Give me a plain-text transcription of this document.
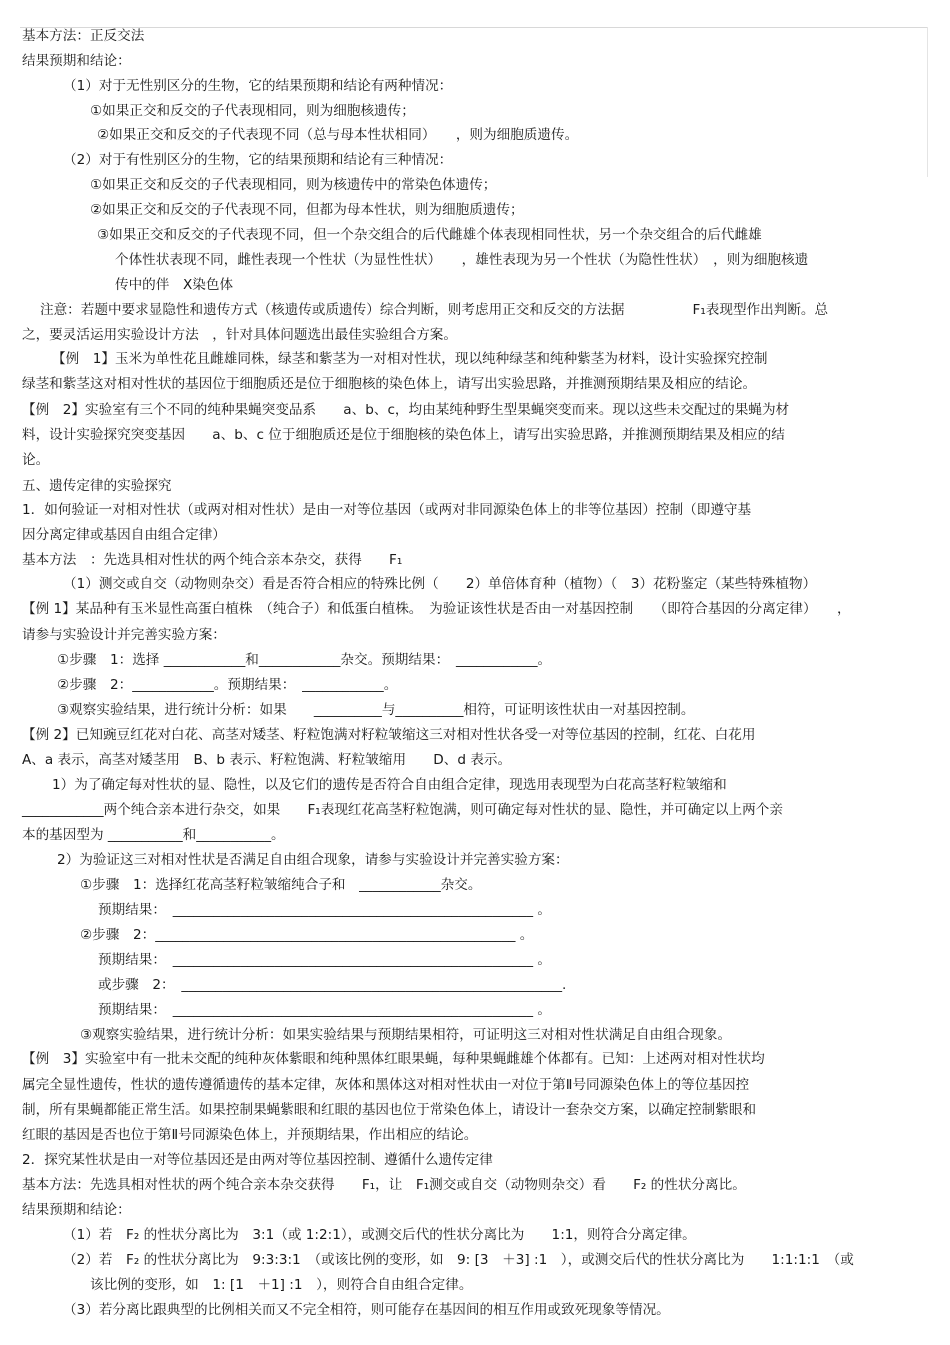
基本方法：正反交法
结果预期和结论：
（1）对于无性别区分的生物，它的结果预期和结论有两种情况：
①如果正交和反交的子代表现相同，则为细胞核遗传；
②如果正交和反交的子代表现不同（总与母本性状相同）　　，则为细胞质遗传。
（2）对于有性别区分的生物，它的结果预期和结论有三种情况：
①如果正交和反交的子代表现相同，则为核遗传中的常染色体遗传；
②如果正交和反交的子代表现不同，但都为母本性状，则为细胞质遗传；
③如果正交和反交的子代表现不同，但一个杂交组合的后代雌雄个体表现相同性状，另一个杂交组合的后代雌雄
个体性状表现不同，雌性表现一个性状（为显性性状）　　，雄性表现为另一个性状（为隐性性状）　，则为细胞核遗
传中的伴　X染色体
注意：若题中要求显隐性和遗传方式（核遗传或质遗传）综合判断，则考虑用正交和反交的方法据　　　　　F₁表现型作出判断。总
之，要灵活运用实验设计方法　，针对具体问题选出最佳实验组合方案。
【例　1】玉米为单性花且雌雄同株，绿茎和紫茎为一对相对性状，现以纯种绿茎和纯种紫茎为材料，设计实验探究控制
绿茎和紫茎这对相对性状的基因位于细胞质还是位于细胞核的染色体上，请写出实验思路，并推测预期结果及相应的结论。
【例　2】实验室有三个不同的纯种果蝇突变品系　　a、b、c，均由某纯种野生型果蝇突变而来。现以这些未交配过的果蝇为材
料，设计实验探究突变基因　　a、b、c 位于细胞质还是位于细胞核的染色体上，请写出实验思路，并推测预期结果及相应的结
论。
五、遗传定律的实验探究
1．如何验证一对相对性状（或两对相对性状）是由一对等位基因（或两对非同源染色体上的非等位基因）控制（即遵守基
因分离定律或基因自由组合定律）
基本方法　：先选具相对性状的两个纯合亲本杂交，获得　　F₁
（1）测交或自交（动物则杂交）看是否符合相应的特殊比例（　　2）单倍体育种（植物）（　3）花粉鉴定（某些特殊植物）
【例 1】某品种有玉米显性高蛋白植株　（纯合子）和低蛋白植株。　为验证该性状是否由一对基因控制　　（即符合基因的分离定律）　　，
请参与实验设计并完善实验方案：
①步骤　1：选择 ____________和____________杂交。预期结果：　____________。
②步骤　2：____________。预期结果：　____________。
③观察实验结果，进行统计分析：如果　　__________与__________相符，可证明该性状由一对基因控制。
【例 2】已知豌豆红花对白花、高茎对矮茎、籽粒饱满对籽粒皱缩这三对相对性状各受一对等位基因的控制，红花、白花用
A、a 表示，高茎对矮茎用　B、b 表示、籽粒饱满、籽粒皱缩用　　D、d 表示。
1）为了确定每对性状的显、隐性，以及它们的遗传是否符合自由组合定律，现选用表现型为白花高茎籽粒皱缩和
____________两个纯合亲本进行杂交，如果　　F₁表现红花高茎籽粒饱满，则可确定每对性状的显、隐性，并可确定以上两个亲
本的基因型为 ___________和___________。
2）为验证这三对相对性状是否满足自由组合现象，请参与实验设计并完善实验方案：
①步骤　1：选择红花高茎籽粒皱缩纯合子和　____________杂交。
预期结果：　_____________________________________________________ 。
②步骤　2：_____________________________________________________ 。
预期结果：　_____________________________________________________ 。
或步骤　2：　________________________________________________________.
预期结果：　_____________________________________________________ 。
③观察实验结果，进行统计分析：如果实验结果与预期结果相符，可证明这三对相对性状满足自由组合现象。
【例　3】实验室中有一批未交配的纯种灰体紫眼和纯种黑体红眼果蝇，每种果蝇雌雄个体都有。已知：上述两对相对性状均
属完全显性遗传，性状的遗传遵循遗传的基本定律，灰体和黑体这对相对性状由一对位于第Ⅱ号同源染色体上的等位基因控
制，所有果蝇都能正常生活。如果控制果蝇紫眼和红眼的基因也位于常染色体上，请设计一套杂交方案，以确定控制紫眼和
红眼的基因是否也位于第Ⅱ号同源染色体上，并预期结果，作出相应的结论。
2．探究某性状是由一对等位基因还是由两对等位基因控制、遵循什么遗传定律
基本方法：先选具相对性状的两个纯合亲本杂交获得　　F₁，让　F₁测交或自交（动物则杂交）看　　F₂ 的性状分离比。
结果预期和结论：
（1）若　F₂ 的性状分离比为　3:1（或 1:2:1），或测交后代的性状分离比为　　1:1，则符合分离定律。
（2）若　F₂ 的性状分离比为　9:3:3:1　（或该比例的变形，如　9: [3　＋3] :1　），或测交后代的性状分离比为　　1:1:1:1　（或
该比例的变形，如　1: [1　＋1] :1　），则符合自由组合定律。
（3）若分离比跟典型的比例相关而又不完全相符，则可能存在基因间的相互作用或致死现象等情况。
